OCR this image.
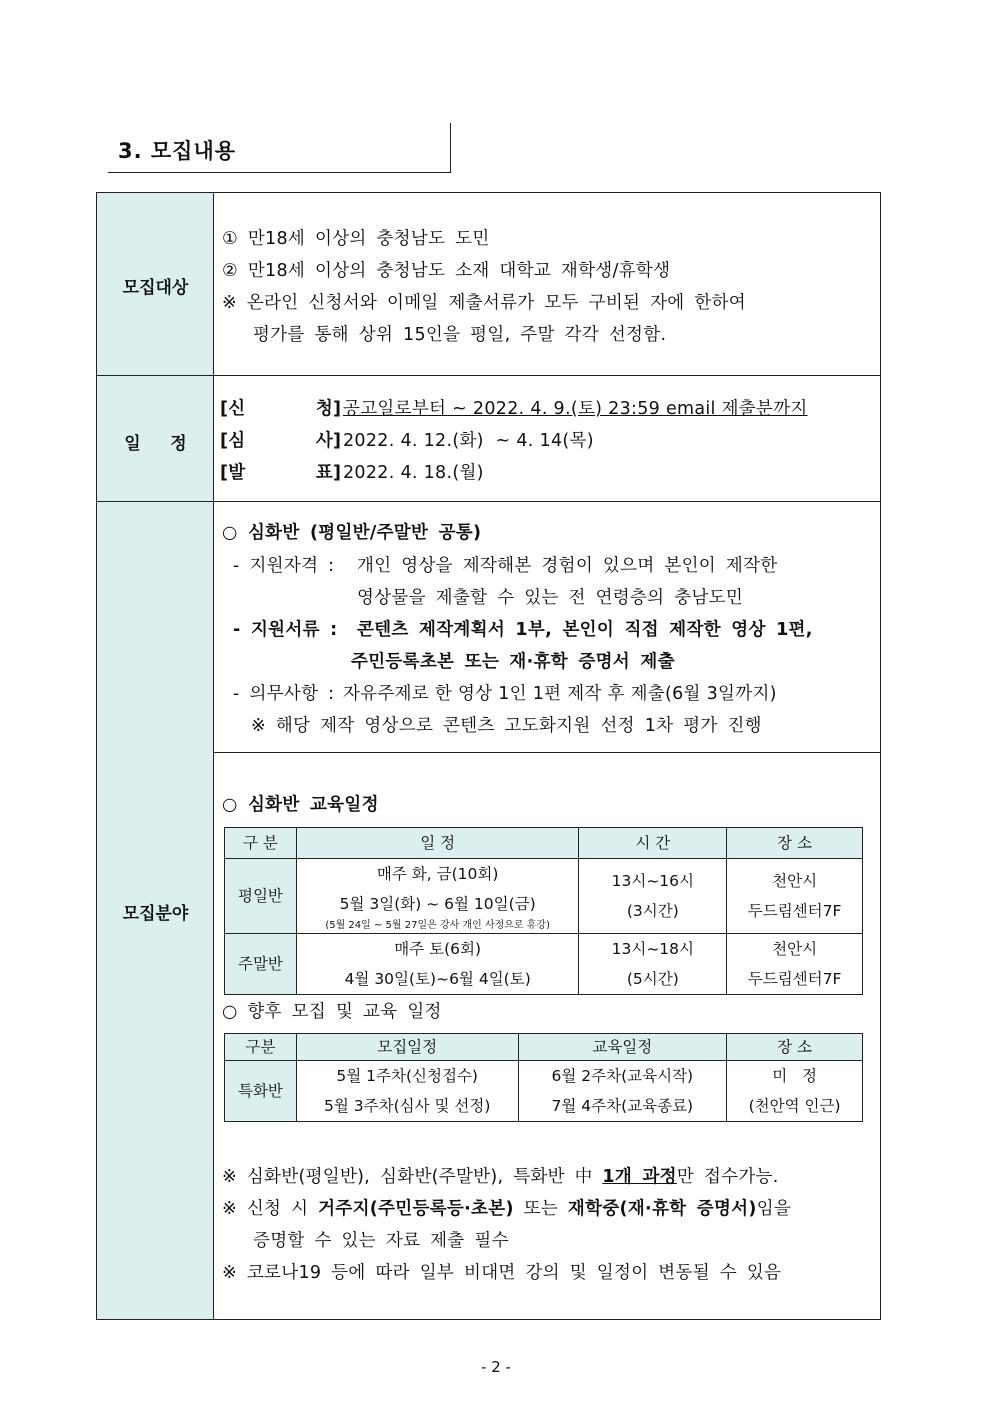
3. 모집내용
모집대상
① 만18세 이상의 충청남도 도민
② 만18세 이상의 충청남도 소재 대학교 재학생/휴학생
※ 온라인 신청서와 이메일 제출서류가 모두 구비된 자에 한하여
평가를 통해 상위 15인을 평일, 주말 각각 선정함.
일     정
[신           청] 공고일로부터 ~ 2022. 4. 9.(토) 23:59 email 제출분까지
[심           사] 2022. 4. 12.(화)  ~ 4. 14(목)
[발           표] 2022. 4. 18.(월)
모집분야
○ 심화반 (평일반/주말반 공통)
- 지원자격 : 개인 영상을 제작해본 경험이 있으며 본인이 제작한
영상물을 제출할 수 있는 전 연령층의 충남도민
- 지원서류 : 콘텐츠 제작계획서 1부, 본인이 직접 제작한 영상 1편,
주민등록초본 또는 재·휴학 증명서 제출
- 의무사항 : 자유주제로 한 영상 1인 1편 제작 후 제출(6월 3일까지)
※ 해당 제작 영상으로 콘텐츠 고도화지원 선정 1차 평가 진행
○ 심화반 교육일정
구 분	일 정	시 간	장 소
평일반	매주 화, 금(10회)
5월 3일(화) ~ 6월 10일(금)
(5월 24일 ~ 5월 27일은 강사 개인 사정으로 휴강)	13시~16시
(3시간)	천안시
두드림센터7F

주말반	매주 토(6회)
4월 30일(토)~6월 4일(토)	13시~18시
(5시간)	천안시
두드림센터7F
○ 향후 모집 및 교육 일정
구분	모집일정	교육일정	장 소
특화반	5월 1주차(신청접수)
5월 3주차(심사 및 선정)	6월 2주차(교육시작)
7월 4주차(교육종료)	미   정
(천안역 인근)
※ 심화반(평일반), 심화반(주말반), 특화반 中 1개 과정만 접수가능.
※ 신청 시 거주지(주민등록등·초본) 또는 재학중(재·휴학 증명서)임을
증명할 수 있는 자료 제출 필수
※ 코로나19 등에 따라 일부 비대면 강의 및 일정이 변동될 수 있음
- 2 -
